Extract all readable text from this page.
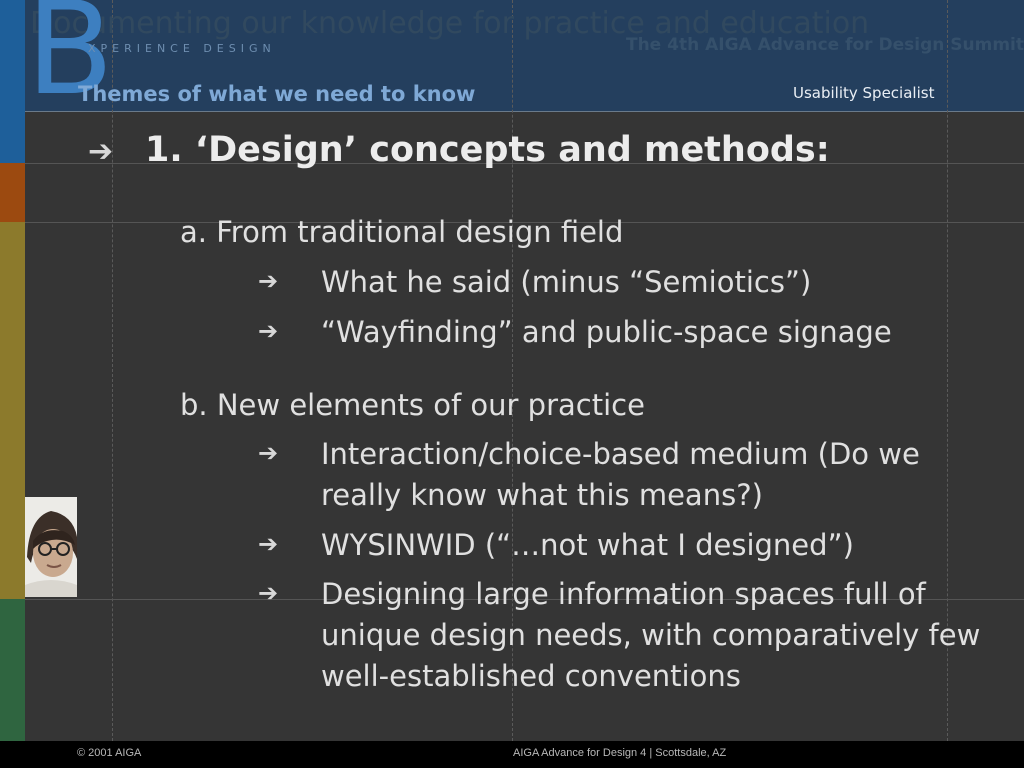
Documenting our knowledge for practice and education
B
XPERIENCE DESIGN	The 4th AIGA Advance for Design Summit
Themes of what we need to know	Usability Specialist
➔ 1. ‘Design’ concepts and methods:
a. From traditional design field
➔ What he said (minus “Semiotics”)
➔ “Wayfinding” and public-space signage
b. New elements of our practice
➔ Interaction/choice-based medium (Do we really know what this means?)
➔ WYSINWID (“…not what I designed”)
➔ Designing large information spaces full of unique design needs, with comparatively few well-established conventions
© 2001 AIGA	AIGA Advance for Design 4 | Scottsdale, AZ
